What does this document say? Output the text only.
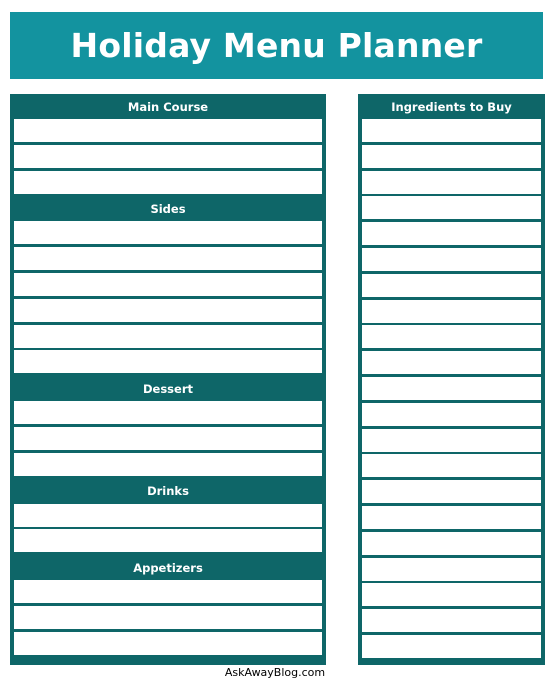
Holiday Menu Planner
Main Course
Sides
Dessert
Drinks
Appetizers
Ingredients to Buy
AskAwayBlog.com
